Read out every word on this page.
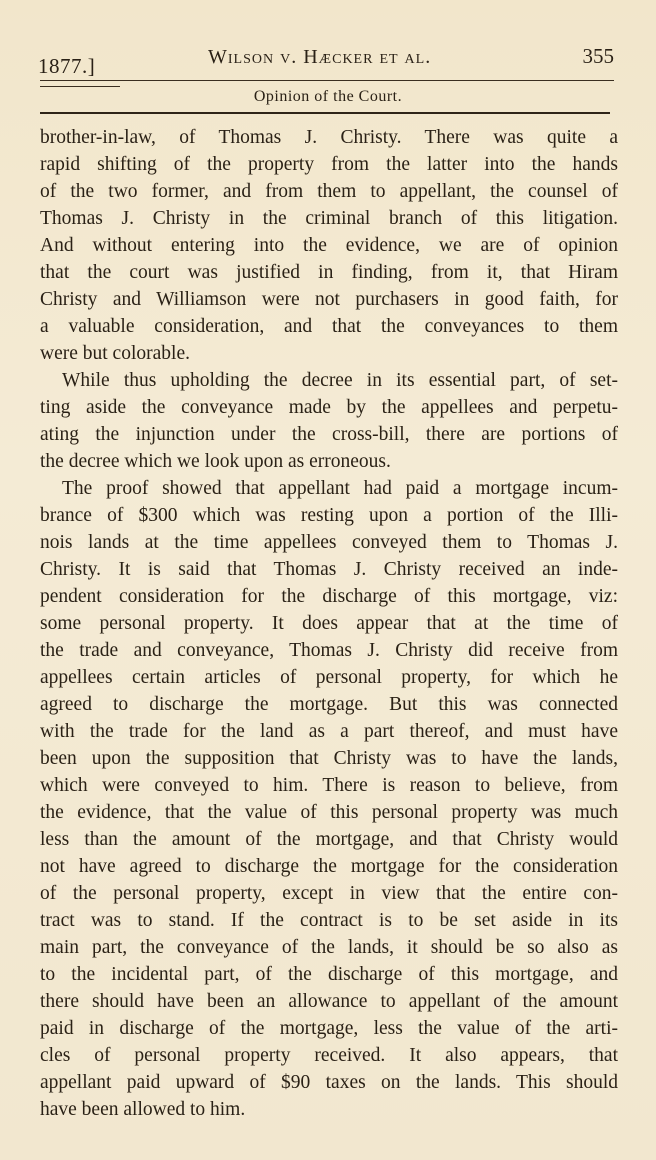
1877.]	Wilson v. Hæcker et al.	355
Opinion of the Court.
brother-in-law, of Thomas J. Christy. There was quite a
rapid shifting of the property from the latter into the hands
of the two former, and from them to appellant, the counsel of
Thomas J. Christy in the criminal branch of this litigation.
And without entering into the evidence, we are of opinion
that the court was justified in finding, from it, that Hiram
Christy and Williamson were not purchasers in good faith, for
a valuable consideration, and that the conveyances to them
were but colorable.
While thus upholding the decree in its essential part, of set-
ting aside the conveyance made by the appellees and perpetu-
ating the injunction under the cross-bill, there are portions of
the decree which we look upon as erroneous.
The proof showed that appellant had paid a mortgage incum-
brance of $300 which was resting upon a portion of the Illi-
nois lands at the time appellees conveyed them to Thomas J.
Christy. It is said that Thomas J. Christy received an inde-
pendent consideration for the discharge of this mortgage, viz:
some personal property. It does appear that at the time of
the trade and conveyance, Thomas J. Christy did receive from
appellees certain articles of personal property, for which he
agreed to discharge the mortgage. But this was connected
with the trade for the land as a part thereof, and must have
been upon the supposition that Christy was to have the lands,
which were conveyed to him. There is reason to believe, from
the evidence, that the value of this personal property was much
less than the amount of the mortgage, and that Christy would
not have agreed to discharge the mortgage for the consideration
of the personal property, except in view that the entire con-
tract was to stand. If the contract is to be set aside in its
main part, the conveyance of the lands, it should be so also as
to the incidental part, of the discharge of this mortgage, and
there should have been an allowance to appellant of the amount
paid in discharge of the mortgage, less the value of the arti-
cles of personal property received. It also appears, that
appellant paid upward of $90 taxes on the lands. This should
have been allowed to him.
